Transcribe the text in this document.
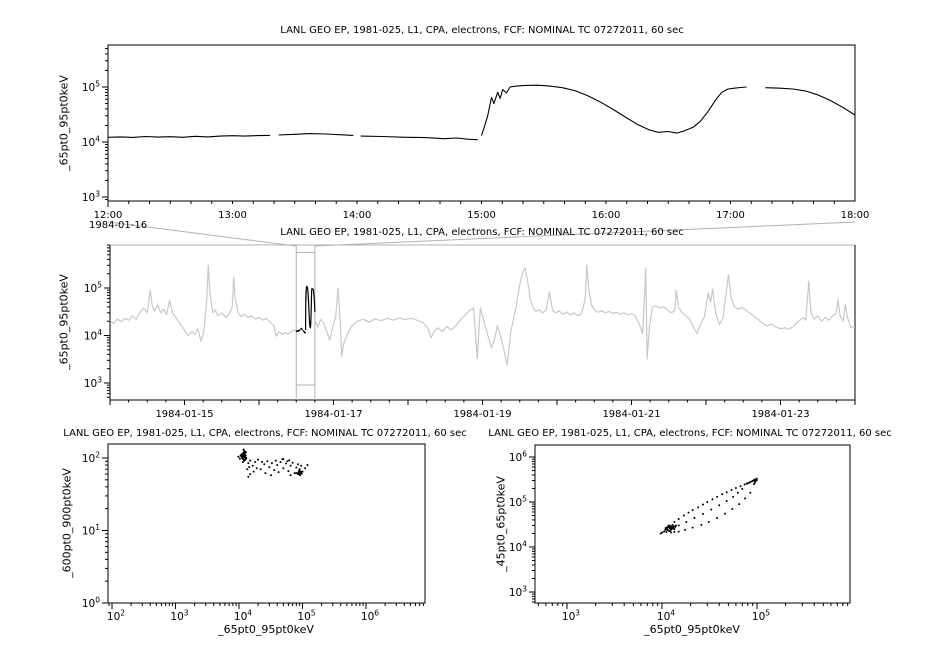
$10^3$
$10^4$
$10^5$
12:00	13:00	14:00	15:00	16:00	17:00	18:00
$10^3$
$10^4$
$10^5$
1984-01-15	1984-01-17	1984-01-19	1984-01-21	1984-01-23
$10^0$
$10^1$
$10^2$
$10^2$	$10^3$	$10^4$	$10^5$	$10^6$
$10^3$
$10^4$
$10^5$
$10^6$
$10^3$	$10^4$	$10^5$
LANL GEO EP, 1981-025, L1, CPA, electrons, FCF: NOMINAL TC 07272011, 60 sec
_65pt0_95pt0keV
1984-01-16
LANL GEO EP, 1981-025, L1, CPA, electrons, FCF: NOMINAL TC 07272011, 60 sec
_65pt0_95pt0keV
LANL GEO EP, 1981-025, L1, CPA, electrons, FCF: NOMINAL TC 07272011, 60 sec
_600pt0_900pt0keV
_65pt0_95pt0keV
LANL GEO EP, 1981-025, L1, CPA, electrons, FCF: NOMINAL TC 07272011, 60 sec
_45pt0_65pt0keV
_65pt0_95pt0keV
